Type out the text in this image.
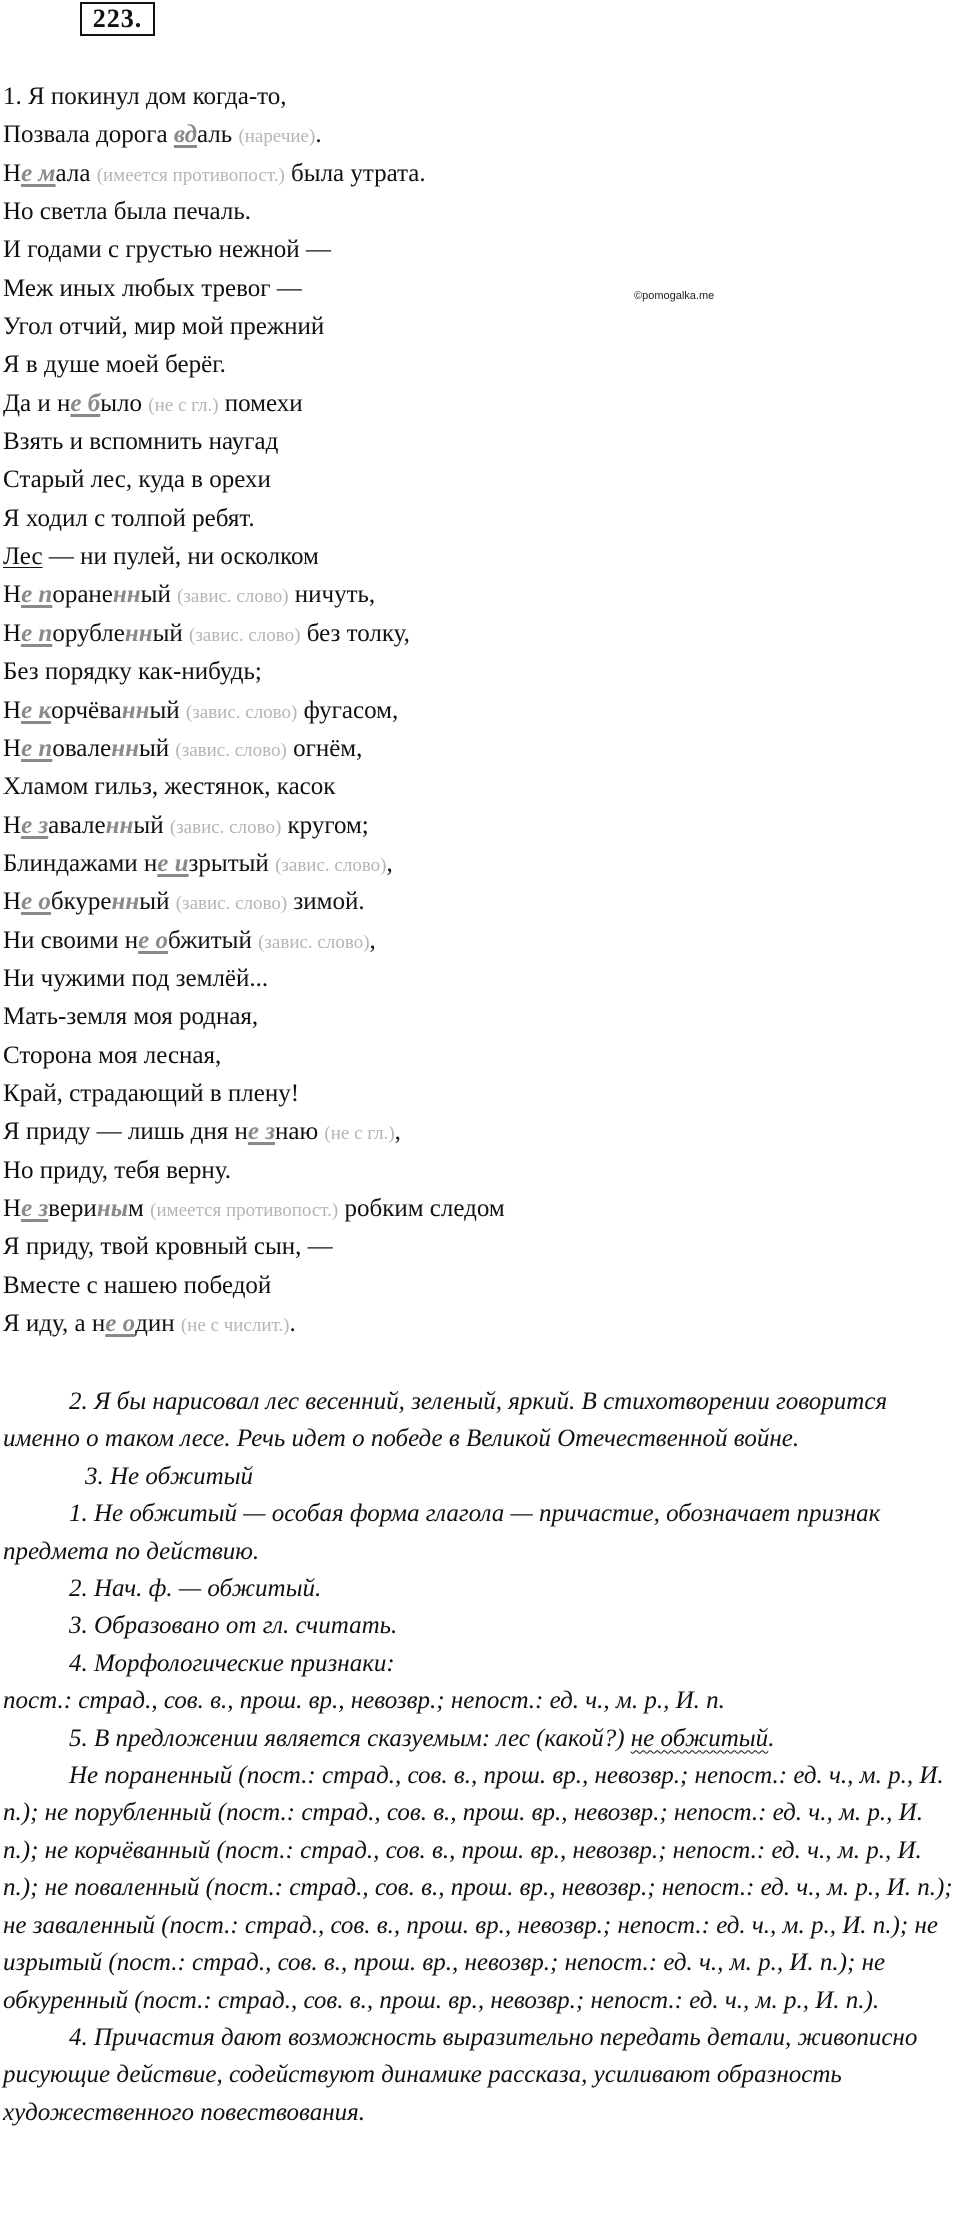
223.
©pomogalka.me
1. Я покинул дом когда-то,
Позвала дорога вдаль (наречие).
Не мала (имеется противопост.) была утрата.
Но светла была печаль.
И годами с грустью нежной —
Меж иных любых тревог —
Угол отчий, мир мой прежний
Я в душе моей берёг.
Да и не было (не с гл.) помехи
Взять и вспомнить наугад
Старый лес, куда в орехи
Я ходил с толпой ребят.
Лес — ни пулей, ни осколком
Не пораненный (завис. слово) ничуть,
Не порубленный (завис. слово) без толку,
Без порядку как-нибудь;
Не корчёванный (завис. слово) фугасом,
Не поваленный (завис. слово) огнём,
Хламом гильз, жестянок, касок
Не заваленный (завис. слово) кругом;
Блиндажами не изрытый (завис. слово),
Не обкуренный (завис. слово) зимой.
Ни своими не обжитый (завис. слово),
Ни чужими под землёй...
Мать-земля моя родная,
Сторона моя лесная,
Край, страдающий в плену!
Я приду — лишь дня не знаю (не с гл.),
Но приду, тебя верну.
Не звериным (имеется противопост.) робким следом
Я приду, твой кровный сын, —
Вместе с нашею победой
Я иду, а не один (не с числит.).

2. Я бы нарисовал лес весенний, зеленый, яркий. В стихотворении говорится именно о таком лесе. Речь идет о победе в Великой Отечественной войне.

3. Не обжитый

1. Не обжитый — особая форма глагола — причастие, обозначает признак предмета по действию.

2. Нач. ф. — обжитый.

3. Образовано от гл. считать.

4. Морфологические признаки:

пост.: страд., сов. в., прош. вр., невозвр.; непост.: ед. ч., м. р., И. п.

5. В предложении является сказуемым: лес (какой?) не обжитый.

Не пораненный (пост.: страд., сов. в., прош. вр., невозвр.; непост.: ед. ч., м. р., И. п.); не порубленный (пост.: страд., сов. в., прош. вр., невозвр.; непост.: ед. ч., м. р., И. п.); не корчёванный (пост.: страд., сов. в., прош. вр., невозвр.; непост.: ед. ч., м. р., И. п.); не поваленный (пост.: страд., сов. в., прош. вр., невозвр.; непост.: ед. ч., м. р., И. п.); не заваленный (пост.: страд., сов. в., прош. вр., невозвр.; непост.: ед. ч., м. р., И. п.); не изрытый (пост.: страд., сов. в., прош. вр., невозвр.; непост.: ед. ч., м. р., И. п.); не обкуренный (пост.: страд., сов. в., прош. вр., невозвр.; непост.: ед. ч., м. р., И. п.).

4. Причастия дают возможность выразительно передать детали, живописно рисующие действие, содействуют динамике рассказа, усиливают образность художественного повествования.
